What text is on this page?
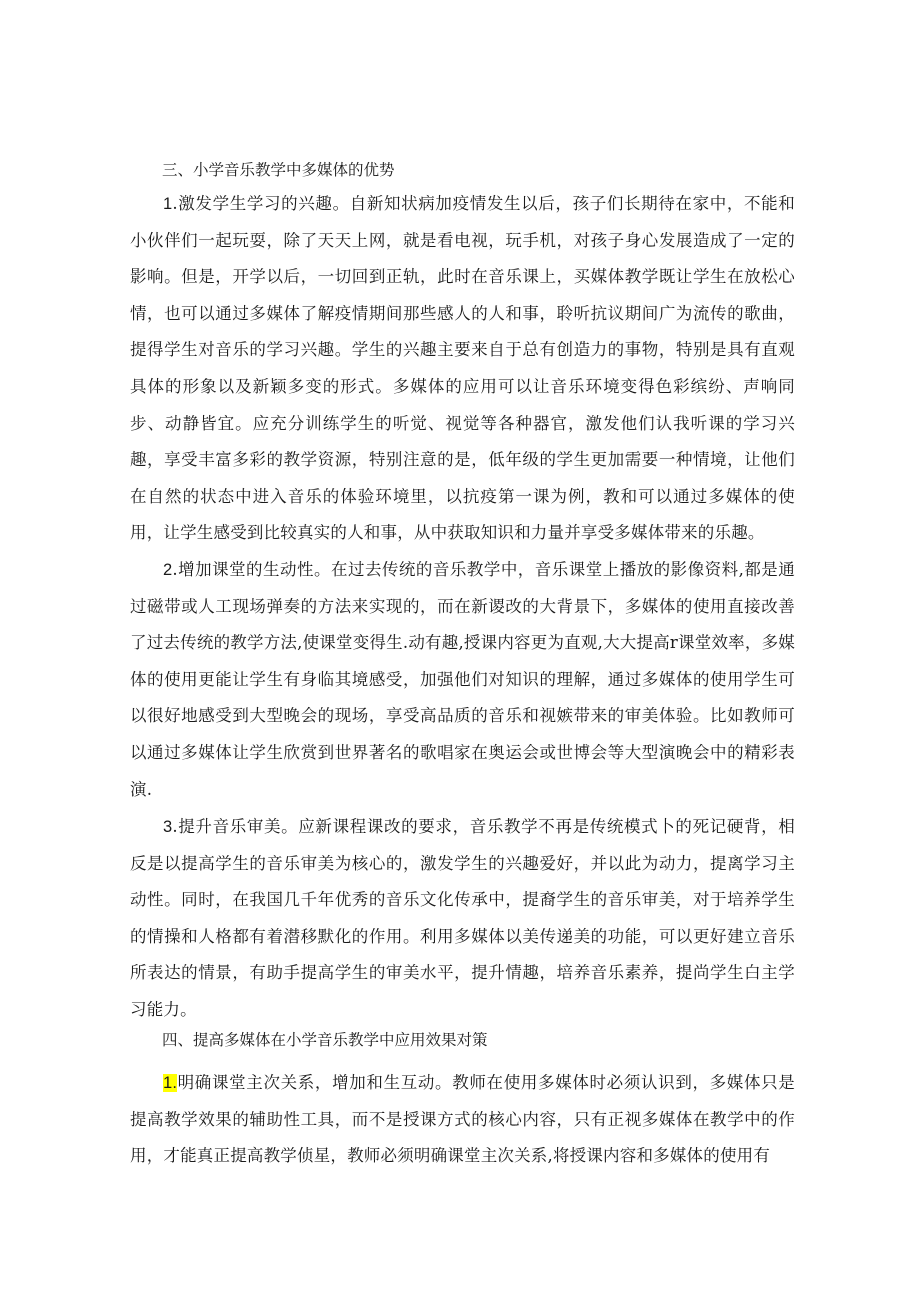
三、小学音乐教学中多媒体的优势

1.激发学生学习的兴趣。自新知状病加疫情发生以后，孩子们长期待在家中，不能和小伙伴们一起玩耍，除了天天上网，就是看电视，玩手机，对孩子身心发展造成了一定的影响。但是，开学以后，一切回到正轨，此时在音乐课上，买媒体教学既让学生在放松心情，也可以通过多媒体了解疫情期间那些感人的人和事，聆听抗议期间广为流传的歌曲，提得学生对音乐的学习兴趣。学生的兴趣主要来自于总有创造力的事物，特别是具有直观具体的形象以及新颖多变的形式。多媒体的应用可以让音乐环境变得色彩缤纷、声响同步、动静皆宜。应充分训练学生的听觉、视觉等各种器官，激发他们认我听课的学习兴趣，享受丰富多彩的教学资源，特别注意的是，低年级的学生更加需要一种情境，让他们在自然的状态中进入音乐的体验环境里，以抗疫第一课为例，教和可以通过多媒体的使用，让学生感受到比较真实的人和事，从中获取知识和力量并享受多媒体带来的乐趣。

2.增加课堂的生动性。在过去传统的音乐教学中，音乐课堂上播放的影像资料,都是通过磁带或人工现场弹奏的方法来实现的，而在新谡改的大背景下，多媒体的使用直接改善了过去传统的教学方法,使课堂变得生.动有趣,授课内容更为直观,大大提高r课堂效率，多媒体的使用更能让学生有身临其境感受，加强他们对知识的理解，通过多媒体的使用学生可以很好地感受到大型晚会的现场，享受高品质的音乐和视嫉带来的审美体验。比如教师可以通过多媒体让学生欣赏到世界著名的歌唱家在奥运会或世博会等大型演晚会中的精彩表演.

3.提升音乐审美。应新课程课改的要求，音乐教学不再是传统模式卜的死记硬背，相反是以提高学生的音乐审美为核心的，激发学生的兴趣爱好，并以此为动力，提离学习主动性。同时，在我国几千年优秀的音乐文化传承中，提裔学生的音乐审美，对于培养学生的情操和人格都有着潜移默化的作用。利用多媒体以美传递美的功能，可以更好建立音乐所表达的情景，有助手提高学生的审美水平，提升情趣，培养音乐素养，提尚学生白主学习能力。

四、提高多媒体在小学音乐教学中应用效果对策

1.明确课堂主次关系，增加和生互动。教师在使用多媒体时必须认识到，多媒体只是提高教学效果的辅助性工具，而不是授课方式的核心内容，只有正视多媒体在教学中的作用，才能真正提高教学侦星，教师必须明确课堂主次关系,将授课内容和多媒体的使用有
